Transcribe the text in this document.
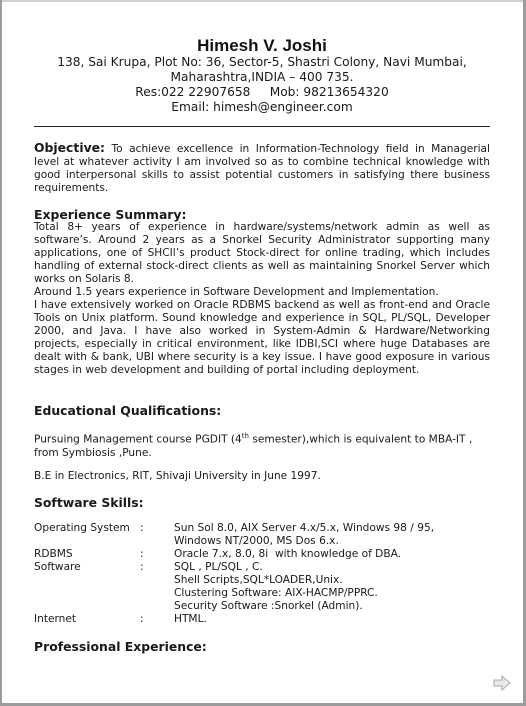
Himesh V. Joshi
138, Sai Krupa, Plot No: 36, Sector-5, Shastri Colony, Navi Mumbai,
Maharashtra,INDIA – 400 735.
Res:022 22907658     Mob: 98213654320
Email: himesh@engineer.com

Objective: To achieve excellence in Information-Technology field in Managerial level at whatever activity I am involved so as to combine technical knowledge with good interpersonal skills to assist potential customers in satisfying there business requirements.

Experience Summary:

Total 8+ years of experience in hardware/systems/network admin as well as software’s. Around 2 years as a Snorkel Security Administrator supporting many applications, one of SHCIl’s product Stock-direct for online trading, which includes handling of external stock-direct clients as well as maintaining Snorkel Server which works on Solaris 8.

Around 1.5 years experience in Software Development and Implementation.

I have extensively worked on Oracle RDBMS backend as well as front-end and Oracle Tools on Unix platform. Sound knowledge and experience in SQL, PL/SQL, Developer 2000, and Java. I have also worked in System-Admin & Hardware/Networking projects, especially in critical environment, like IDBI,SCI where huge Databases are dealt with & bank, UBI where security is a key issue. I have good exposure in various stages in web development and building of portal including deployment.

Educational Qualifications:

Pursuing Management course PGDIT (4th semester),which is equivalent to MBA-IT , from Symbiosis ,Pune.

B.E in Electronics, RIT, Shivaji University in June 1997.

Software Skills:
Operating System :	Sun Sol 8.0, AIX Server 4.x/5.x, Windows 98 / 95,
Windows NT/2000, MS Dos 6.x.
RDBMS	:	Oracle 7.x, 8.0, 8i  with knowledge of DBA.
Software	:	SQL , PL/SQL , C.
Shell Scripts,SQL*LOADER,Unix.
Clustering Software: AIX-HACMP/PPRC.
Security Software :Snorkel (Admin).
Internet	:	HTML.
Professional Experience:
